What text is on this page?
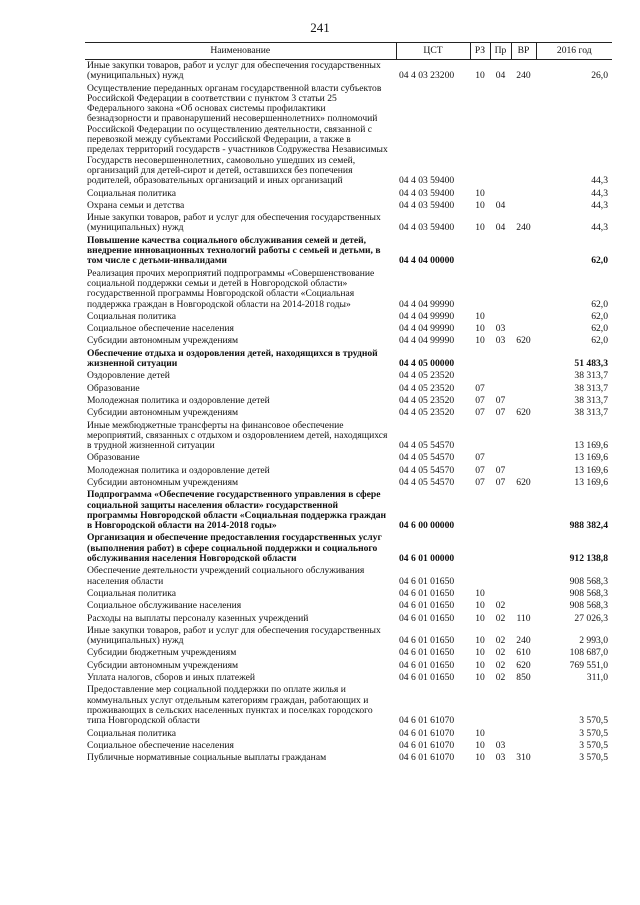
241
Наименование	ЦСТ	РЗ	Пр	ВР	2016 год
Иные закупки товаров, работ и услуг для обеспечения государственных (муниципальных) нужд	04 4 03 23200	10	04	240	26,0
Осуществление переданных органам государственной власти субъектов Российской Федерации в соответствии с пунктом 3 статьи 25 Федерального закона «Об основах системы профилактики безнадзорности и правонарушений несовершеннолетних» полномочий Российской Федерации по осуществлению деятельности, связанной с перевозкой между субъектами Российской Федерации, а также в пределах территорий государств - участников Содружества Независимых Государств несовершеннолетних, самовольно ушедших из семей, организаций для детей-сирот и детей, оставшихся без попечения родителей, образовательных организаций и иных организаций	04 4 03 59400				44,3
Социальная политика	04 4 03 59400	10			44,3
Охрана семьи и детства	04 4 03 59400	10	04		44,3
Иные закупки товаров, работ и услуг для обеспечения государственных (муниципальных) нужд	04 4 03 59400	10	04	240	44,3
Повышение качества социального обслуживания семей и детей, внедрение инновационных технологий работы с семьей и детьми, в том числе с детьми-инвалидами	04 4 04 00000				62,0
Реализация прочих мероприятий подпрограммы «Совершенствование социальной поддержки семьи и детей в Новгородской области» государственной программы Новгородской области «Социальная поддержка граждан в Новгородской области на 2014-2018 годы»	04 4 04 99990				62,0
Социальная политика	04 4 04 99990	10			62,0
Социальное обеспечение населения	04 4 04 99990	10	03		62,0
Субсидии автономным учреждениям	04 4 04 99990	10	03	620	62,0
Обеспечение отдыха и оздоровления детей, находящихся в трудной жизненной ситуации	04 4 05 00000				51 483,3
Оздоровление детей	04 4 05 23520				38 313,7
Образование	04 4 05 23520	07			38 313,7
Молодежная политика и оздоровление детей	04 4 05 23520	07	07		38 313,7
Субсидии автономным учреждениям	04 4 05 23520	07	07	620	38 313,7
Иные межбюджетные трансферты на финансовое обеспечение мероприятий, связанных с отдыхом и оздоровлением детей, находящихся в трудной жизненной ситуации	04 4 05 54570				13 169,6
Образование	04 4 05 54570	07			13 169,6
Молодежная политика и оздоровление детей	04 4 05 54570	07	07		13 169,6
Субсидии автономным учреждениям	04 4 05 54570	07	07	620	13 169,6
Подпрограмма «Обеспечение государственного управления в сфере социальной защиты населения области» государственной программы Новгородской области «Социальная поддержка граждан в Новгородской области на 2014-2018 годы»	04 6 00 00000				988 382,4
Организация и обеспечение предоставления государственных услуг (выполнения работ) в сфере социальной поддержки и социального обслуживания населения Новгородской области	04 6 01 00000				912 138,8
Обеспечение деятельности учреждений социального обслуживания населения области	04 6 01 01650				908 568,3
Социальная политика	04 6 01 01650	10			908 568,3
Социальное обслуживание населения	04 6 01 01650	10	02		908 568,3
Расходы на выплаты персоналу казенных учреждений	04 6 01 01650	10	02	110	27 026,3
Иные закупки товаров, работ и услуг для обеспечения государственных (муниципальных) нужд	04 6 01 01650	10	02	240	2 993,0
Субсидии бюджетным учреждениям	04 6 01 01650	10	02	610	108 687,0
Субсидии автономным учреждениям	04 6 01 01650	10	02	620	769 551,0
Уплата налогов, сборов и иных платежей	04 6 01 01650	10	02	850	311,0
Предоставление мер социальной поддержки по оплате жилья и коммунальных услуг отдельным категориям граждан, работающих и проживающих в сельских населенных пунктах и поселках городского типа Новгородской области	04 6 01 61070				3 570,5
Социальная политика	04 6 01 61070	10			3 570,5
Социальное обеспечение населения	04 6 01 61070	10	03		3 570,5
Публичные нормативные социальные выплаты гражданам	04 6 01 61070	10	03	310	3 570,5
